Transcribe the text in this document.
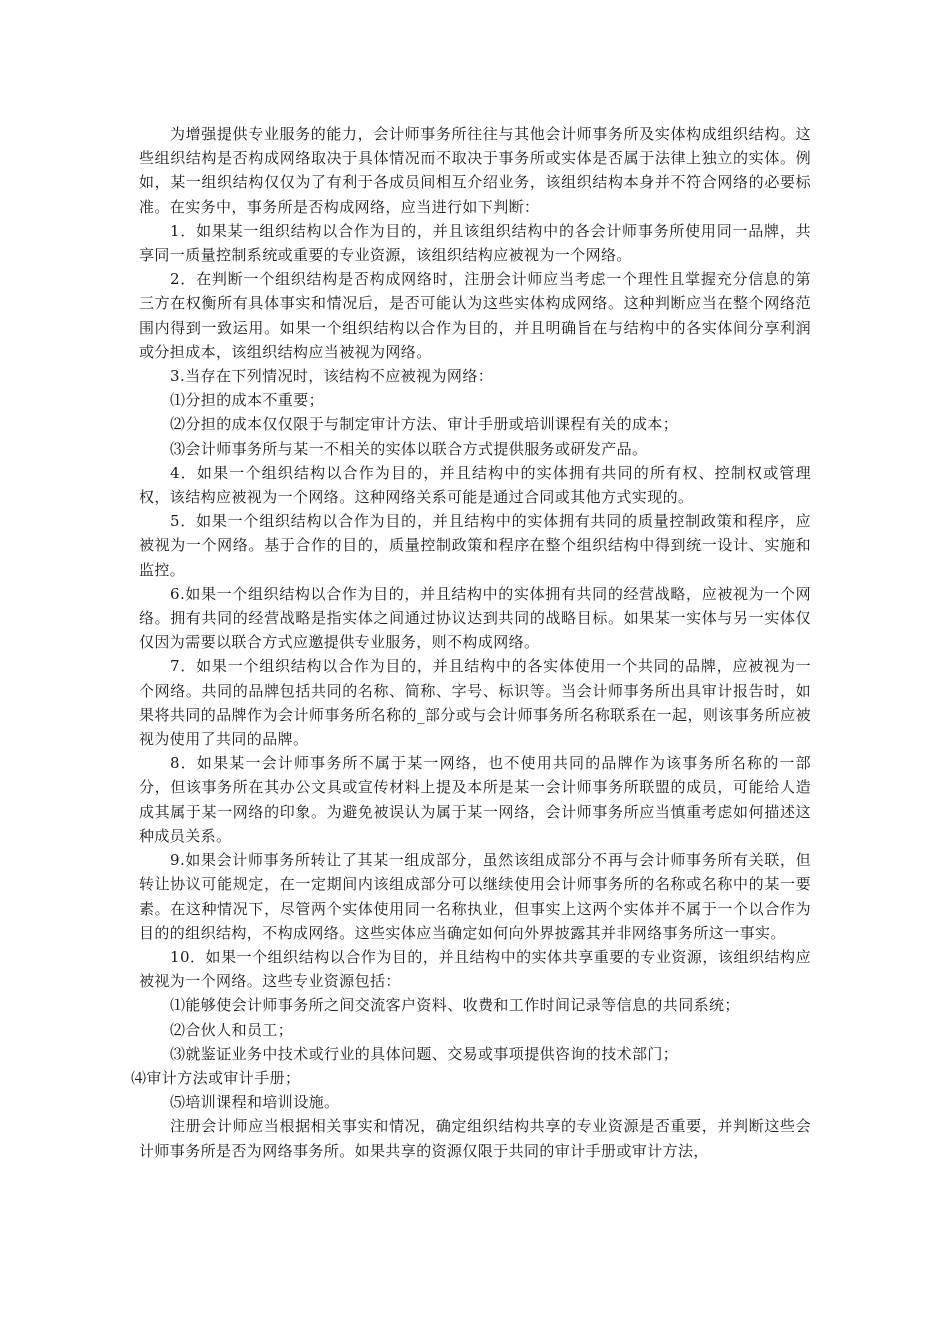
为增强提供专业服务的能力，会计师事务所往往与其他会计师事务所及实体构成组织结构。这些组织结构是否构成网络取决于具体情况而不取决于事务所或实体是否属于法律上独立的实体。例如，某一组织结构仅仅为了有利于各成员间相互介绍业务，该组织结构本身并不符合网络的必要标准。在实务中，事务所是否构成网络，应当进行如下判断：

1．如果某一组织结构以合作为目的，并且该组织结构中的各会计师事务所使用同一品牌，共享同一质量控制系统或重要的专业资源，该组织结构应被视为一个网络。

2．在判断一个组织结构是否构成网络时，注册会计师应当考虑一个理性且掌握充分信息的第三方在权衡所有具体事实和情况后，是否可能认为这些实体构成网络。这种判断应当在整个网络范围内得到一致运用。如果一个组织结构以合作为目的，并且明确旨在与结构中的各实体间分享利润或分担成本，该组织结构应当被视为网络。

3.当存在下列情况时，该结构不应被视为网络：

⑴分担的成本不重要；

⑵分担的成本仅仅限于与制定审计方法、审计手册或培训课程有关的成本；

⑶会计师事务所与某一不相关的实体以联合方式提供服务或研发产品。

4．如果一个组织结构以合作为目的，并且结构中的实体拥有共同的所有权、控制权或管理权，该结构应被视为一个网络。这种网络关系可能是通过合同或其他方式实现的。

5．如果一个组织结构以合作为目的，并且结构中的实体拥有共同的质量控制政策和程序，应被视为一个网络。基于合作的目的，质量控制政策和程序在整个组织结构中得到统一设计、实施和监控。

6.如果一个组织结构以合作为目的，并且结构中的实体拥有共同的经营战略，应被视为一个网络。拥有共同的经营战略是指实体之间通过协议达到共同的战略目标。如果某一实体与另一实体仅仅因为需要以联合方式应邀提供专业服务，则不构成网络。

7．如果一个组织结构以合作为目的，并且结构中的各实体使用一个共同的品牌，应被视为一个网络。共同的品牌包括共同的名称、简称、字号、标识等。当会计师事务所出具审计报告时，如果将共同的品牌作为会计师事务所名称的_部分或与会计师事务所名称联系在一起，则该事务所应被视为使用了共同的品牌。

8．如果某一会计师事务所不属于某一网络，也不使用共同的品牌作为该事务所名称的一部分，但该事务所在其办公文具或宣传材料上提及本所是某一会计师事务所联盟的成员，可能给人造成其属于某一网络的印象。为避免被误认为属于某一网络，会计师事务所应当慎重考虑如何描述这种成员关系。

9.如果会计师事务所转让了其某一组成部分，虽然该组成部分不再与会计师事务所有关联，但转让协议可能规定，在一定期间内该组成部分可以继续使用会计师事务所的名称或名称中的某一要素。在这种情况下，尽管两个实体使用同一名称执业，但事实上这两个实体并不属于一个以合作为目的的组织结构，不构成网络。这些实体应当确定如何向外界披露其并非网络事务所这一事实。

10．如果一个组织结构以合作为目的，并且结构中的实体共享重要的专业资源，该组织结构应被视为一个网络。这些专业资源包括：

⑴能够使会计师事务所之间交流客户资料、收费和工作时间记录等信息的共同系统；

⑵合伙人和员工；

⑶就鉴证业务中技术或行业的具体问题、交易或事项提供咨询的技术部门；

⑷审计方法或审计手册；

⑸培训课程和培训设施。

注册会计师应当根据相关事实和情况，确定组织结构共享的专业资源是否重要，并判断这些会计师事务所是否为网络事务所。如果共享的资源仅限于共同的审计手册或审计方法，
